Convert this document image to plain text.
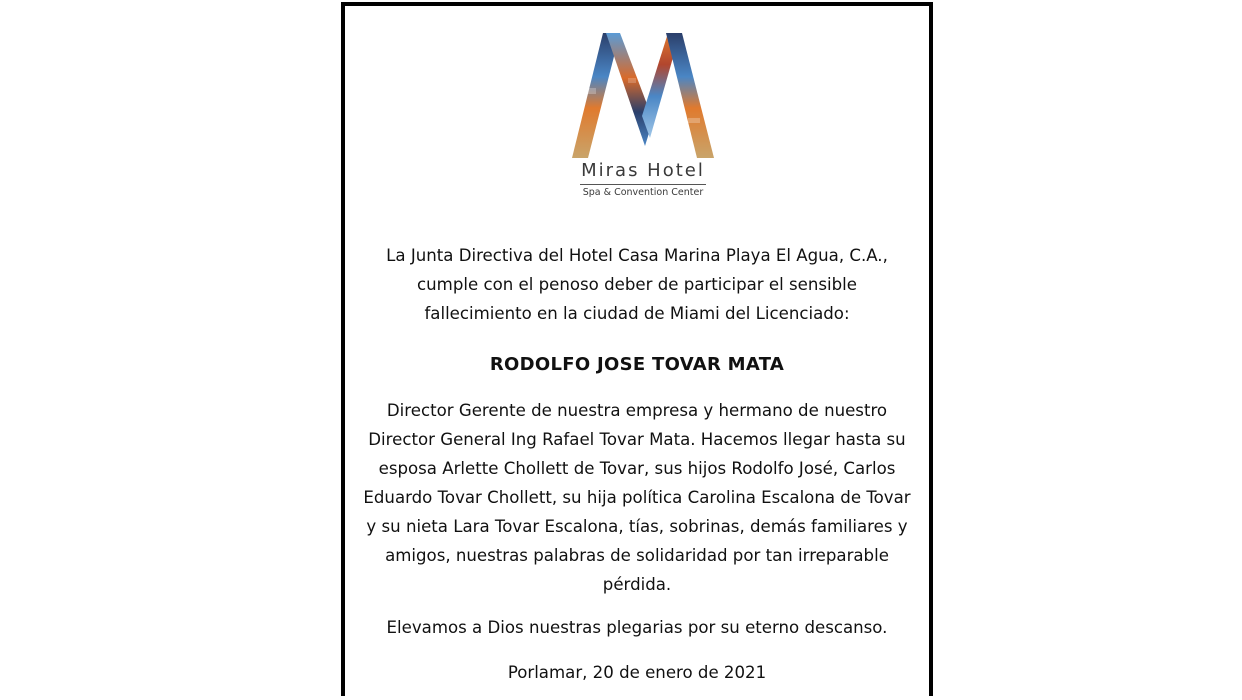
Miras Hotel
Spa & Convention Center
La Junta Directiva del Hotel Casa Marina Playa El Agua, C.A.,
cumple con el penoso deber de participar el sensible
fallecimiento en la ciudad de Miami del Licenciado:
RODOLFO JOSE TOVAR MATA
Director Gerente de nuestra empresa y hermano de nuestro
Director General Ing Rafael Tovar Mata. Hacemos llegar hasta su
esposa Arlette Chollett de Tovar, sus hijos Rodolfo José, Carlos
Eduardo Tovar Chollett, su hija política Carolina Escalona de Tovar
y su nieta Lara Tovar Escalona, tías, sobrinas, demás familiares y
amigos, nuestras palabras de solidaridad por tan irreparable
pérdida.
Elevamos a Dios nuestras plegarias por su eterno descanso.
Porlamar, 20 de enero de 2021
